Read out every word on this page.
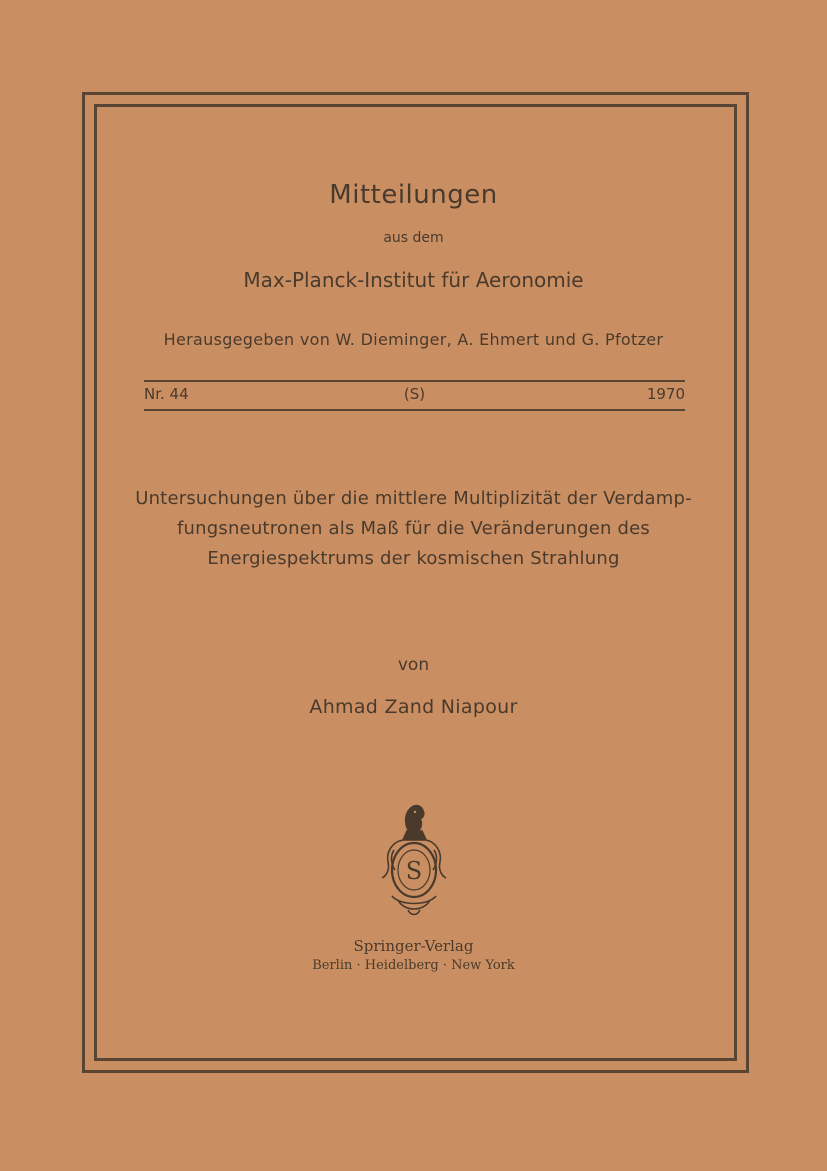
Mitteilungen
aus dem
Max-Planck-Institut für Aeronomie
Herausgegeben von W. Dieminger, A. Ehmert und G. Pfotzer
Nr. 44	(S)	1970
Untersuchungen über die mittlere Multiplizität der Verdamp-
fungsneutronen als Maß für die Veränderungen des
Energiespektrums der kosmischen Strahlung
von
Ahmad Zand Niapour
S
Springer-Verlag
Berlin · Heidelberg · New York
